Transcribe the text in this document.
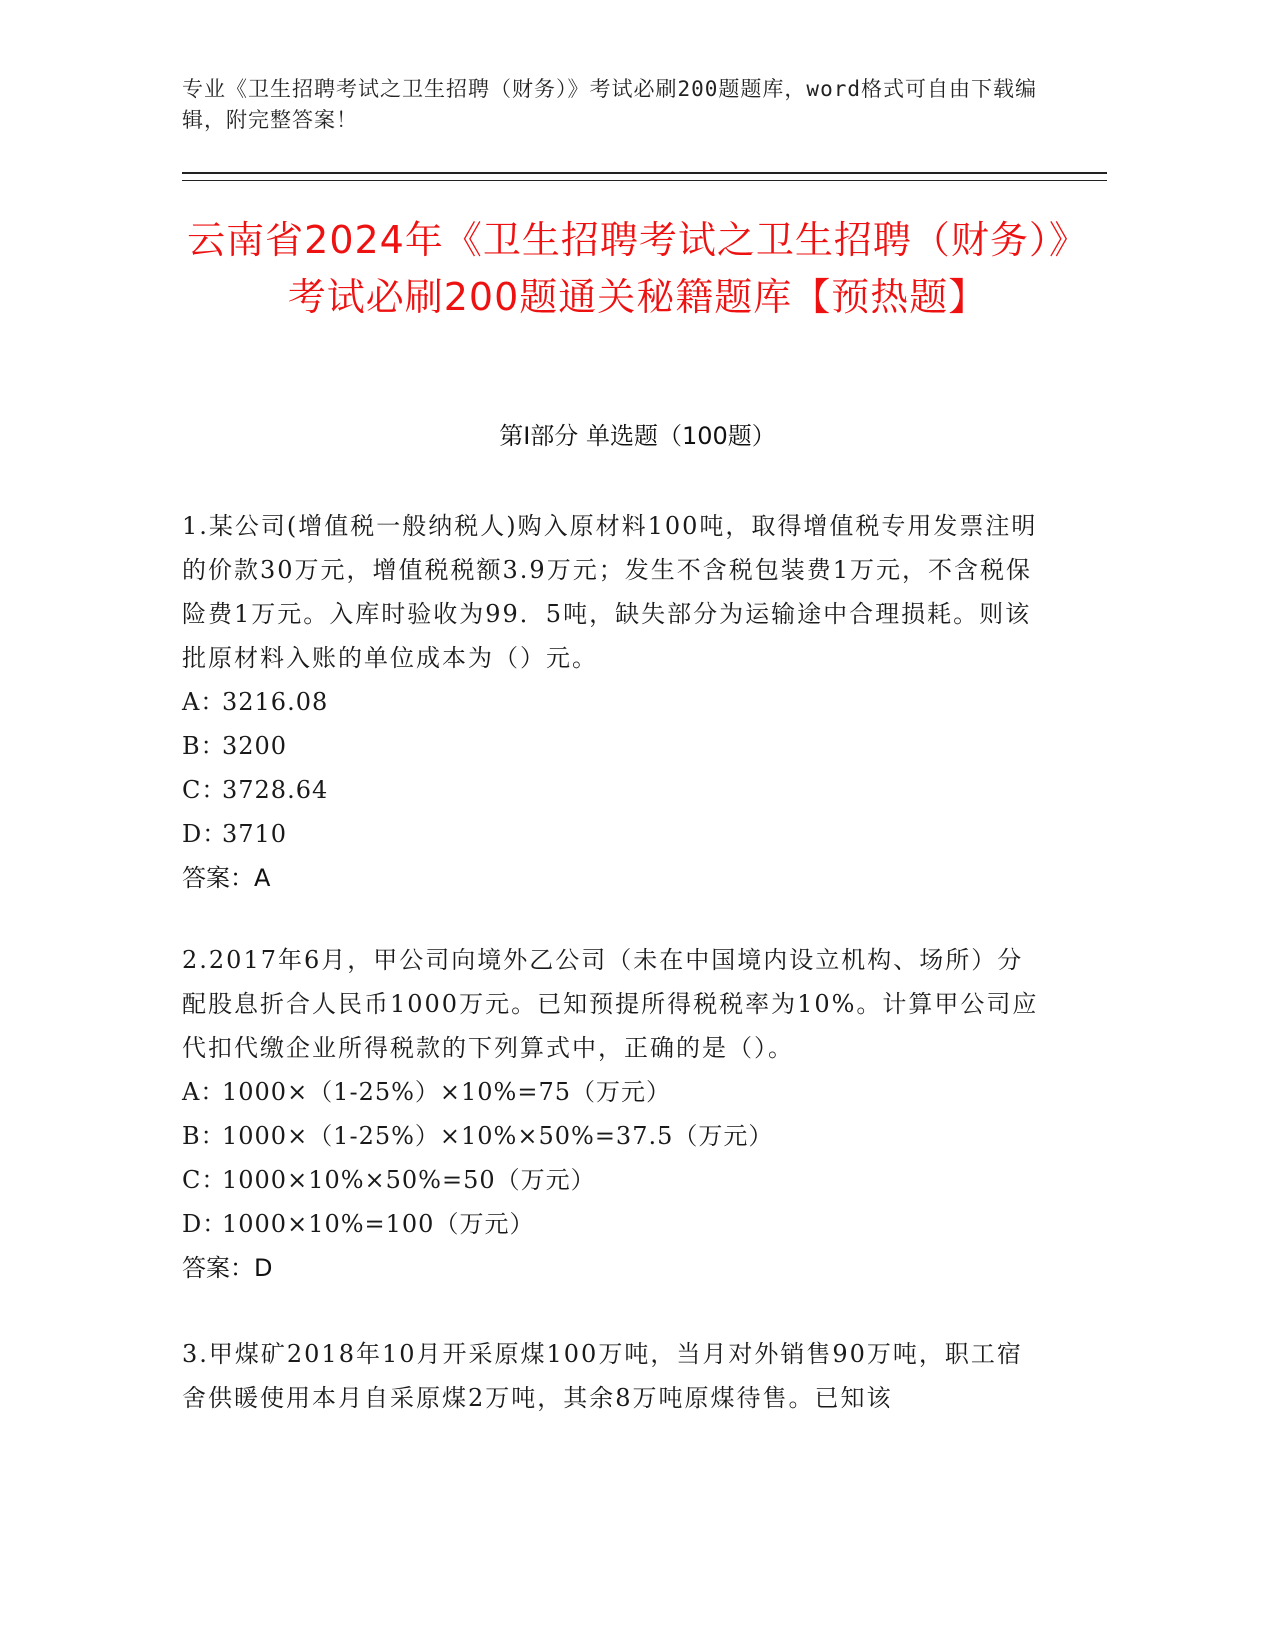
专业《卫生招聘考试之卫生招聘（财务）》考试必刷200题题库，word格式可自由下载编辑，附完整答案！
云南省2024年《卫生招聘考试之卫生招聘（财务）》考试必刷200题通关秘籍题库【预热题】
第I部分 单选题（100题）

1.某公司(增值税一般纳税人)购入原材料100吨，取得增值税专用发票注明的价款30万元，增值税税额3.9万元；发生不含税包装费1万元，不含税保险费1万元。入库时验收为99．5吨，缺失部分为运输途中合理损耗。则该批原材料入账的单位成本为（）元。

A：3216.08

B：3200

C：3728.64

D：3710

答案：A

2.2017年6月，甲公司向境外乙公司（未在中国境内设立机构、场所）分配股息折合人民币1000万元。已知预提所得税税率为10%。计算甲公司应代扣代缴企业所得税款的下列算式中，正确的是（）。

A：1000×（1-25%）×10%=75（万元）

B：1000×（1-25%）×10%×50%=37.5（万元）

C：1000×10%×50%=50（万元）

D：1000×10%=100（万元）

答案：D

3.甲煤矿2018年10月开采原煤100万吨，当月对外销售90万吨，职工宿舍供暖使用本月自采原煤2万吨，其余8万吨原煤待售。已知该
